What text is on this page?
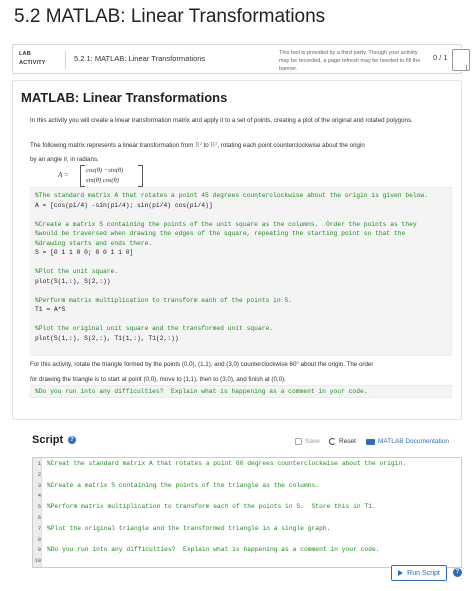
5.2 MATLAB: Linear Transformations
LAB
ACTIVITY	5.2.1: MATLAB: Linear Transformations
This tool is provided by a third party. Though your activity may be recorded, a page refresh may be needed to fill the banner.
0 / 1
MATLAB: Linear Transformations

In this activity you will create a linear transformation matrix and apply it to a set of points, creating a plot of the original and rotated polygons.

The following matrix represents a linear transformation from R² to R², rotating each point counterclockwise about the origin

by an angle θ, in radians.

A =
cos(θ) −sin(θ)
sin(θ) cos(θ)
%The standard matrix A that rotates a point 45 degrees counterclockwise about the origin is given below.
A = [cos(pi/4) -sin(pi/4); sin(pi/4) cos(pi/4)]
%Create a matrix S containing the points of the unit square as the columns.  Order the points as they
%would be traversed when drawing the edges of the square, repeating the starting point so that the
%drawing starts and ends there.
S = [0 1 1 0 0; 0 0 1 1 0]
%Plot the unit square.
plot(S(1,:), S(2,:))
%Perform matrix multiplication to transform each of the points in S.
T1 = A*S
%Plot the original unit square and the transformed unit square.
plot(S(1,:), S(2,:), T1(1,:), T1(2,:))

For this activity, rotate the triangle formed by the points (0,0), (1,1), and (3,0) counterclockwise 60° about the origin. The order

for drawing the triangle is to start at point (0,0), move to (1,1), then to (3,0), and finish at (0,0).

%Do you run into any difficulties?  Explain what is happening as a comment in your code.
Script	?	Save	Reset	MATLAB Documentation
1 %Creat the standard matrix A that rotates a point 60 degrees counterclockwise about the origin.
2
3 %Create a matrix S containing the points of the triangle as the columns.
4
5 %Perform matrix multiplication to transform each of the points in S.  Store this in T1.
6
7 %Plot the original triangle and the transformed triangle in a single graph.
8
9 %Do you run into any difficulties?  Explain what is happening as a comment in your code.
10
Run Script	?
